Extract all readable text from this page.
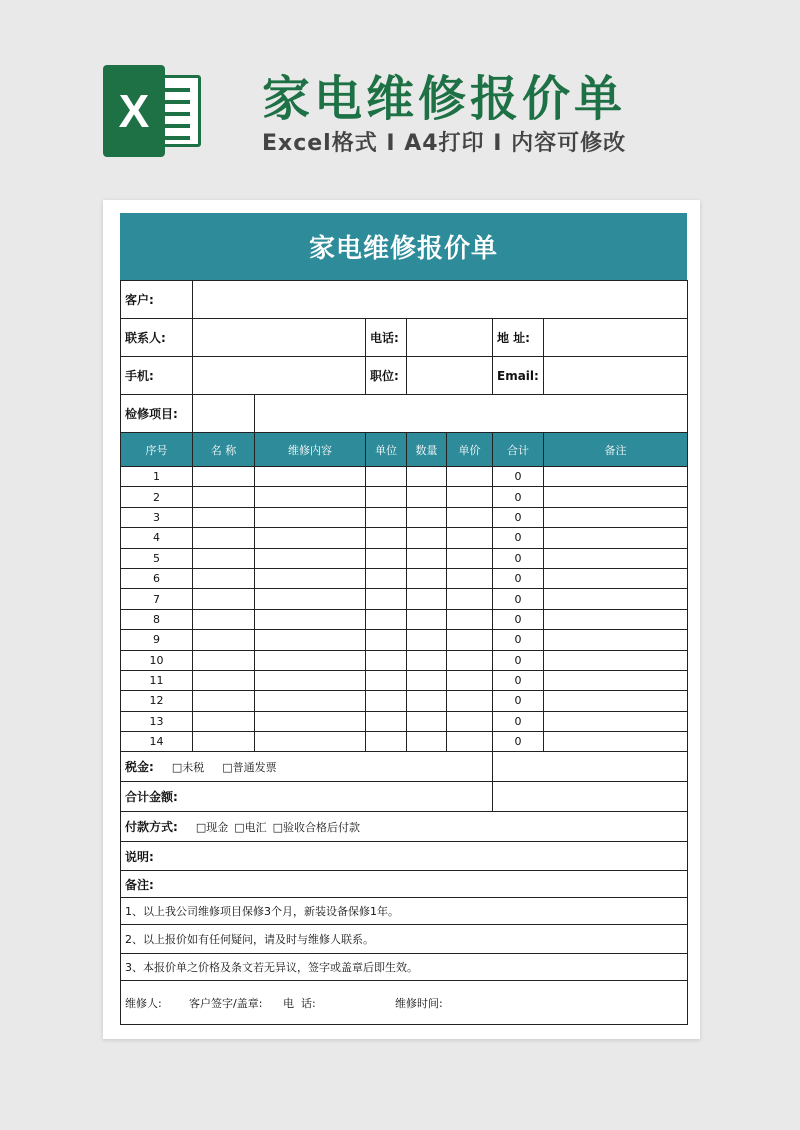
X	家电维修报价单
Excel格式 I A4打印 I 内容可修改
家电维修报价单
客户:							
联系人:			电话:			地 址:	
手机:			职位:			Email:	
检修项目:							
序号	名 称	维修内容	单位	数量	单价	合计	备注
1						0	
2						0	
3						0	
4						0	
5						0	
6						0	
7						0	
8						0	
9						0	
10						0	
11						0	
12						0	
13						0	
14						0	
税金: □未税 □普通发票							
合计金额:							
付款方式: □现金 □电汇 □验收合格后付款							
说明:							
备注:							
1、以上我公司维修项目保修3个月，新装设备保修1年。							
2、以上报价如有任何疑问，请及时与维修人联系。							
3、本报价单之价格及条文若无异议，签字或盖章后即生效。							
维修人: 客户签字/盖章: 电  话: 维修时间:							
